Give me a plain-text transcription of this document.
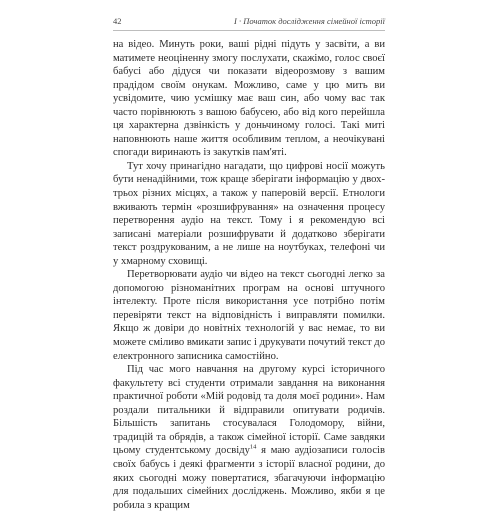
42	I · Початок дослідження сімейної історії

на відео. Минуть роки, ваші рідні підуть у засвіти, а ви матимете неоціненну змогу послухати, скажімо, голос своєї бабусі або дідуся чи показати відеорозмову з вашим прадідом своїм онукам. Можливо, саме у цю мить ви усвідомите, чию усмішку має ваш син, або чому вас так часто порівнюють з вашою бабусею, або від кого перейшла ця характерна дзвінкість у доньчиному голосі. Такі миті наповнюють наше життя особливим теплом, а неочікувані спогади виринають із закутків пам'яті.

Тут хочу принагідно нагадати, що цифрові носії можуть бути ненадійними, тож краще зберігати інформацію у двох-трьох різних місцях, а також у паперовій версії. Етнологи вживають термін «розшифрування» на означення процесу перетворення аудіо на текст. Тому і я рекомендую всі записані матеріали розшифрувати й додатково зберігати текст роздрукованим, а не лише на ноутбуках, телефоні чи у хмарному сховищі.

Перетворювати аудіо чи відео на текст сьогодні легко за допомогою різноманітних програм на основі штучного інтелекту. Проте після використання усе потрібно потім перевіряти текст на відповідність і виправляти помилки. Якщо ж довіри до новітніх технологій у вас немає, то ви можете сміливо вмикати запис і друкувати почутий текст до електронного записника самостійно.

Під час мого навчання на другому курсі історичного факультету всі студенти отримали завдання на виконання практичної роботи «Мій родовід та доля моєї родини». Нам роздали питальники й відправили опитувати родичів. Більшість запитань стосувалася Голодомору, війни, традицій та обрядів, а також сімейної історії. Саме завдяки цьому студентському досвіду$^{14}$ я маю аудіозаписи голосів своїх бабусь і деякі фрагменти з історії власної родини, до яких сьогодні можу повертатися, збагачуючи інформацію для подальших сімейних досліджень. Можливо, якби я це робила з кращим
